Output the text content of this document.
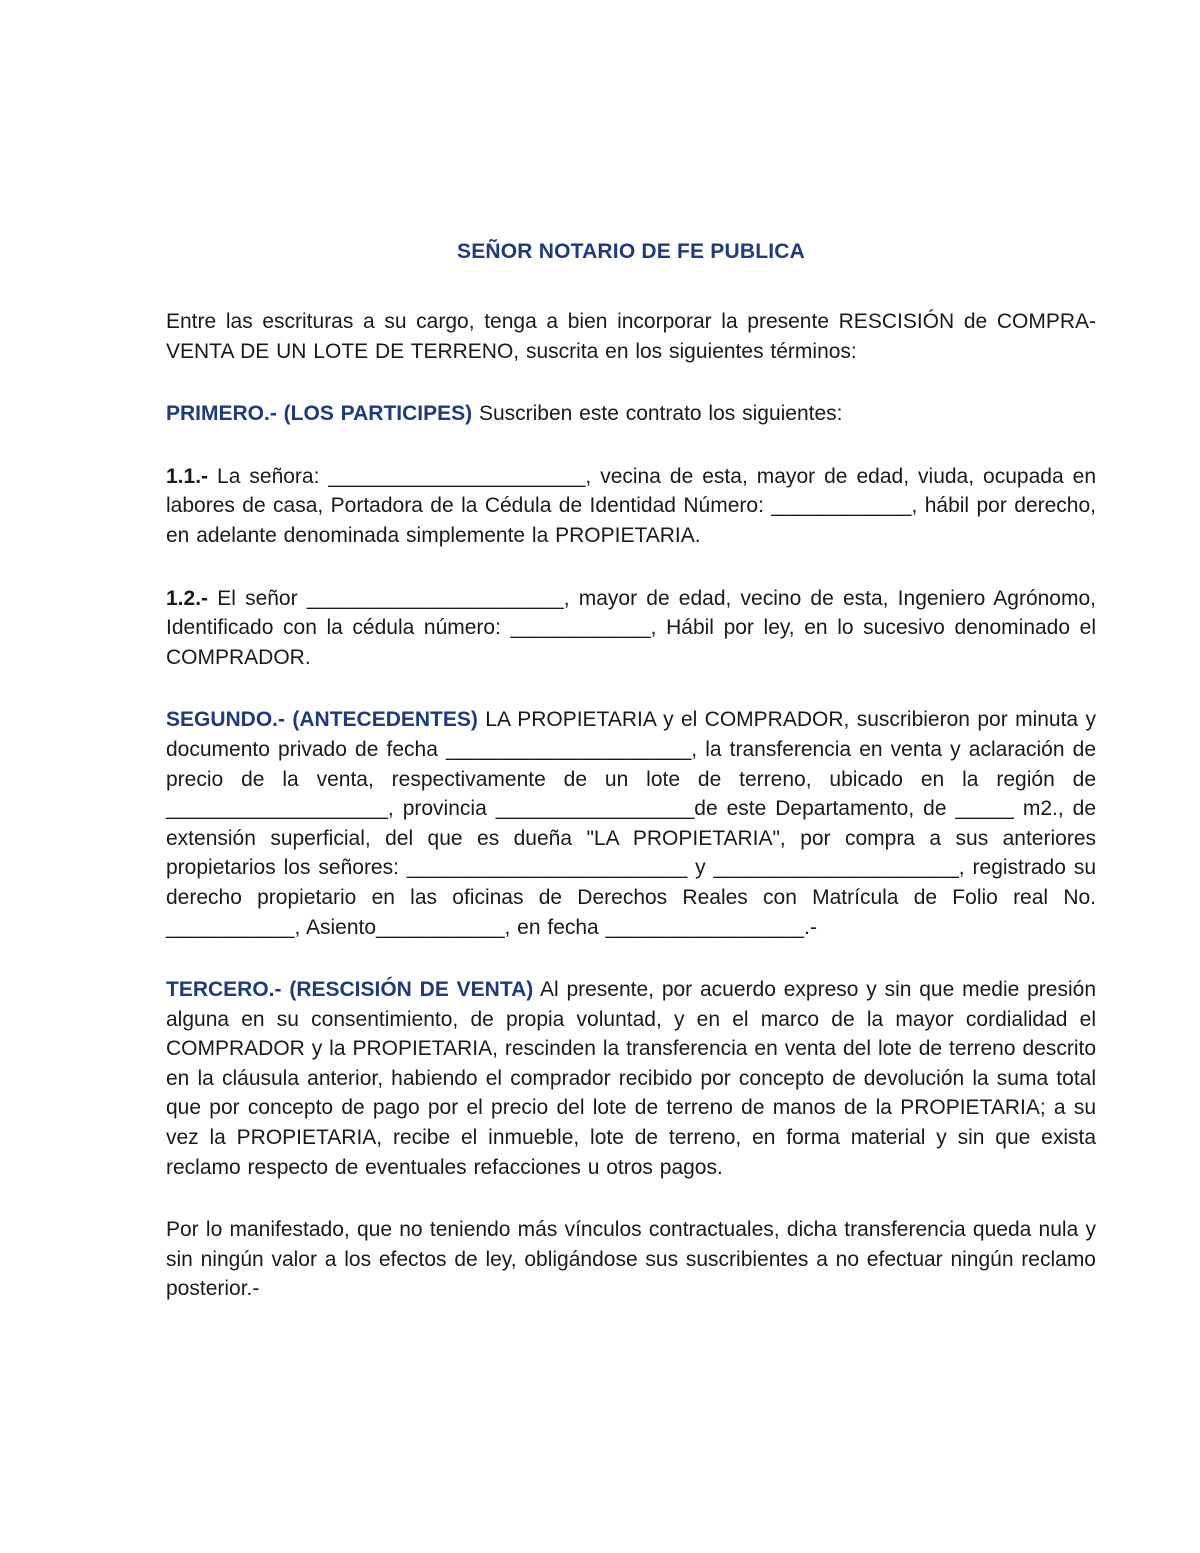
SEÑOR NOTARIO DE FE PUBLICA

Entre las escrituras a su cargo, tenga a bien incorporar la presente RESCISIÓN de COMPRA-VENTA DE UN LOTE DE TERRENO, suscrita en los siguientes términos:

PRIMERO.- (LOS PARTICIPES) Suscriben este contrato los siguientes:

1.1.- La señora: ______________________, vecina de esta, mayor de edad, viuda, ocupada en labores de casa, Portadora de la Cédula de Identidad Número: ____________, hábil por derecho, en adelante denominada simplemente la PROPIETARIA.

1.2.- El señor ______________________, mayor de edad, vecino de esta, Ingeniero Agrónomo, Identificado con la cédula número: ____________, Hábil por ley, en lo sucesivo denominado el COMPRADOR.

SEGUNDO.- (ANTECEDENTES) LA PROPIETARIA y el COMPRADOR, suscribieron por minuta y documento privado de fecha _____________________, la transferencia en venta y aclaración de precio de la venta, respectivamente de un lote de terreno, ubicado en la región de ___________________, provincia _________________de este Departamento, de _____ m2., de extensión superficial, del que es dueña "LA PROPIETARIA", por compra a sus anteriores propietarios los señores: ________________________ y _____________________, registrado su derecho propietario en las oficinas de Derechos Reales con Matrícula de Folio real No. ___________, Asiento___________, en fecha _________________.-

TERCERO.- (RESCISIÓN DE VENTA) Al presente, por acuerdo expreso y sin que medie presión alguna en su consentimiento, de propia voluntad, y en el marco de la mayor cordialidad el COMPRADOR y la PROPIETARIA, rescinden la transferencia en venta del lote de terreno descrito en la cláusula anterior, habiendo el comprador recibido por concepto de devolución la suma total que por concepto de pago por el precio del lote de terreno de manos de la PROPIETARIA; a su vez la PROPIETARIA, recibe el inmueble, lote de terreno, en forma material y sin que exista reclamo respecto de eventuales refacciones u otros pagos.

Por lo manifestado, que no teniendo más vínculos contractuales, dicha transferencia queda nula y sin ningún valor a los efectos de ley, obligándose sus suscribientes a no efectuar ningún reclamo posterior.-
